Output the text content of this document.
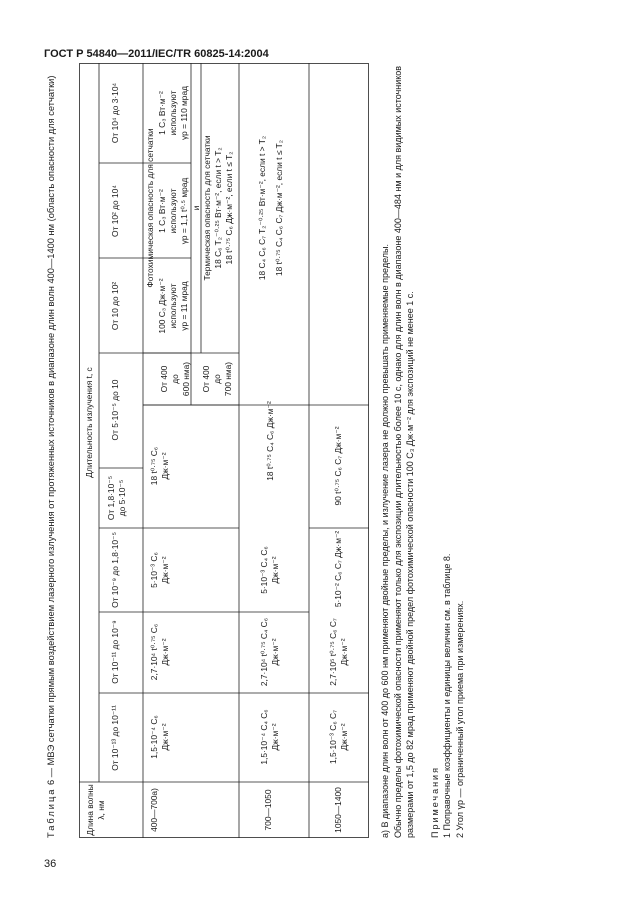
ГОСТ Р 54840—2011/IEC/TR 60825-14:2004
36
Таблица 6 — МВЭ сетчатки прямым воздействием лазерного излучения от протяженных источников в диапазоне длин волн 400—1400 нм (область опасности для сетчатки)
Длина волны λ, нм
Длительность излучения t, с
От 10⁻¹³ до 10⁻¹¹
От 10⁻¹¹ до 10⁻⁹
От 10⁻⁹ до 1,8·10⁻⁵
От 1,8·10⁻⁵ до 5·10⁻⁵
От 5·10⁻⁵ до 10
От 10 до 10²
От 10² до 10⁴
От 10⁴ до 3·10⁴
400—700а)
1,5·10⁻⁴ C₆ Дж·м⁻²
2,7·10⁴ t⁰·⁷⁵ C₆ Дж·м⁻²
5·10⁻³ C₆ Дж·м⁻²
18 t⁰·⁷⁵ C₆ Дж·м⁻²
От 400 до 600 нма)
Фотохимическая опасность для сетчатки
100 C₃ Дж·м⁻² используют γp = 11 мрад
1 C₃ Вт·м⁻² используют γp = 1,1 t⁰·⁵ мрад
1 C₃ Вт·м⁻² используют γp = 110 мрад
и
От 400 до 700 нма)
Термическая опасность для сетчатки 18 C₆ T₂⁻⁰·²⁵ Вт·м⁻², если t > T₂ 18 t⁰·⁷⁵ C₆ Дж·м⁻², если t ≤ T₂
700—1050
1,5·10⁻⁴ C₄ C₆ Дж·м⁻²
2,7·10⁴ t⁰·⁷⁵ C₄ C₆ Дж·м⁻²
5·10⁻³ C₄ C₆ Дж·м⁻²
18 t⁰·⁷⁵ C₄ C₆ Дж·м⁻²
18 C₄ C₆ C₇ T₂⁻⁰·²⁵ Вт·м⁻², если t > T₂ 18 t⁰·⁷⁵ C₄ C₆ C₇ Дж·м⁻², если t ≤ T₂
1050—1400
1,5·10⁻³ C₆ C₇ Дж·м⁻²
2,7·10⁵ t⁰·⁷⁵ C₆ C₇ Дж·м⁻²
5·10⁻² C₆ C₇ Дж·м⁻²
90 t⁰·⁷⁵ C₆ C₇ Дж·м⁻²	а) В диапазоне длин волн от 400 до 600 нм применяют двойные пределы, и излучение лазера не должно превышать применяемые пределы. Обычно пределы фотохимической опасности применяют только для экспозиции длительностью более 10 с, однако для длин волн в диапазоне 400—484 нм и для видимых источников размерами от 1,5 до 82 мрад применяют двойной предел фотохимической опасности 100 C₃ Дж·м⁻² для экспозиций не менее 1 с. Примечания 1 Поправочные коэффициенты и единицы величин см. в таблице 8. 2 Угол γp — ограниченный угол приема при измерениях.
